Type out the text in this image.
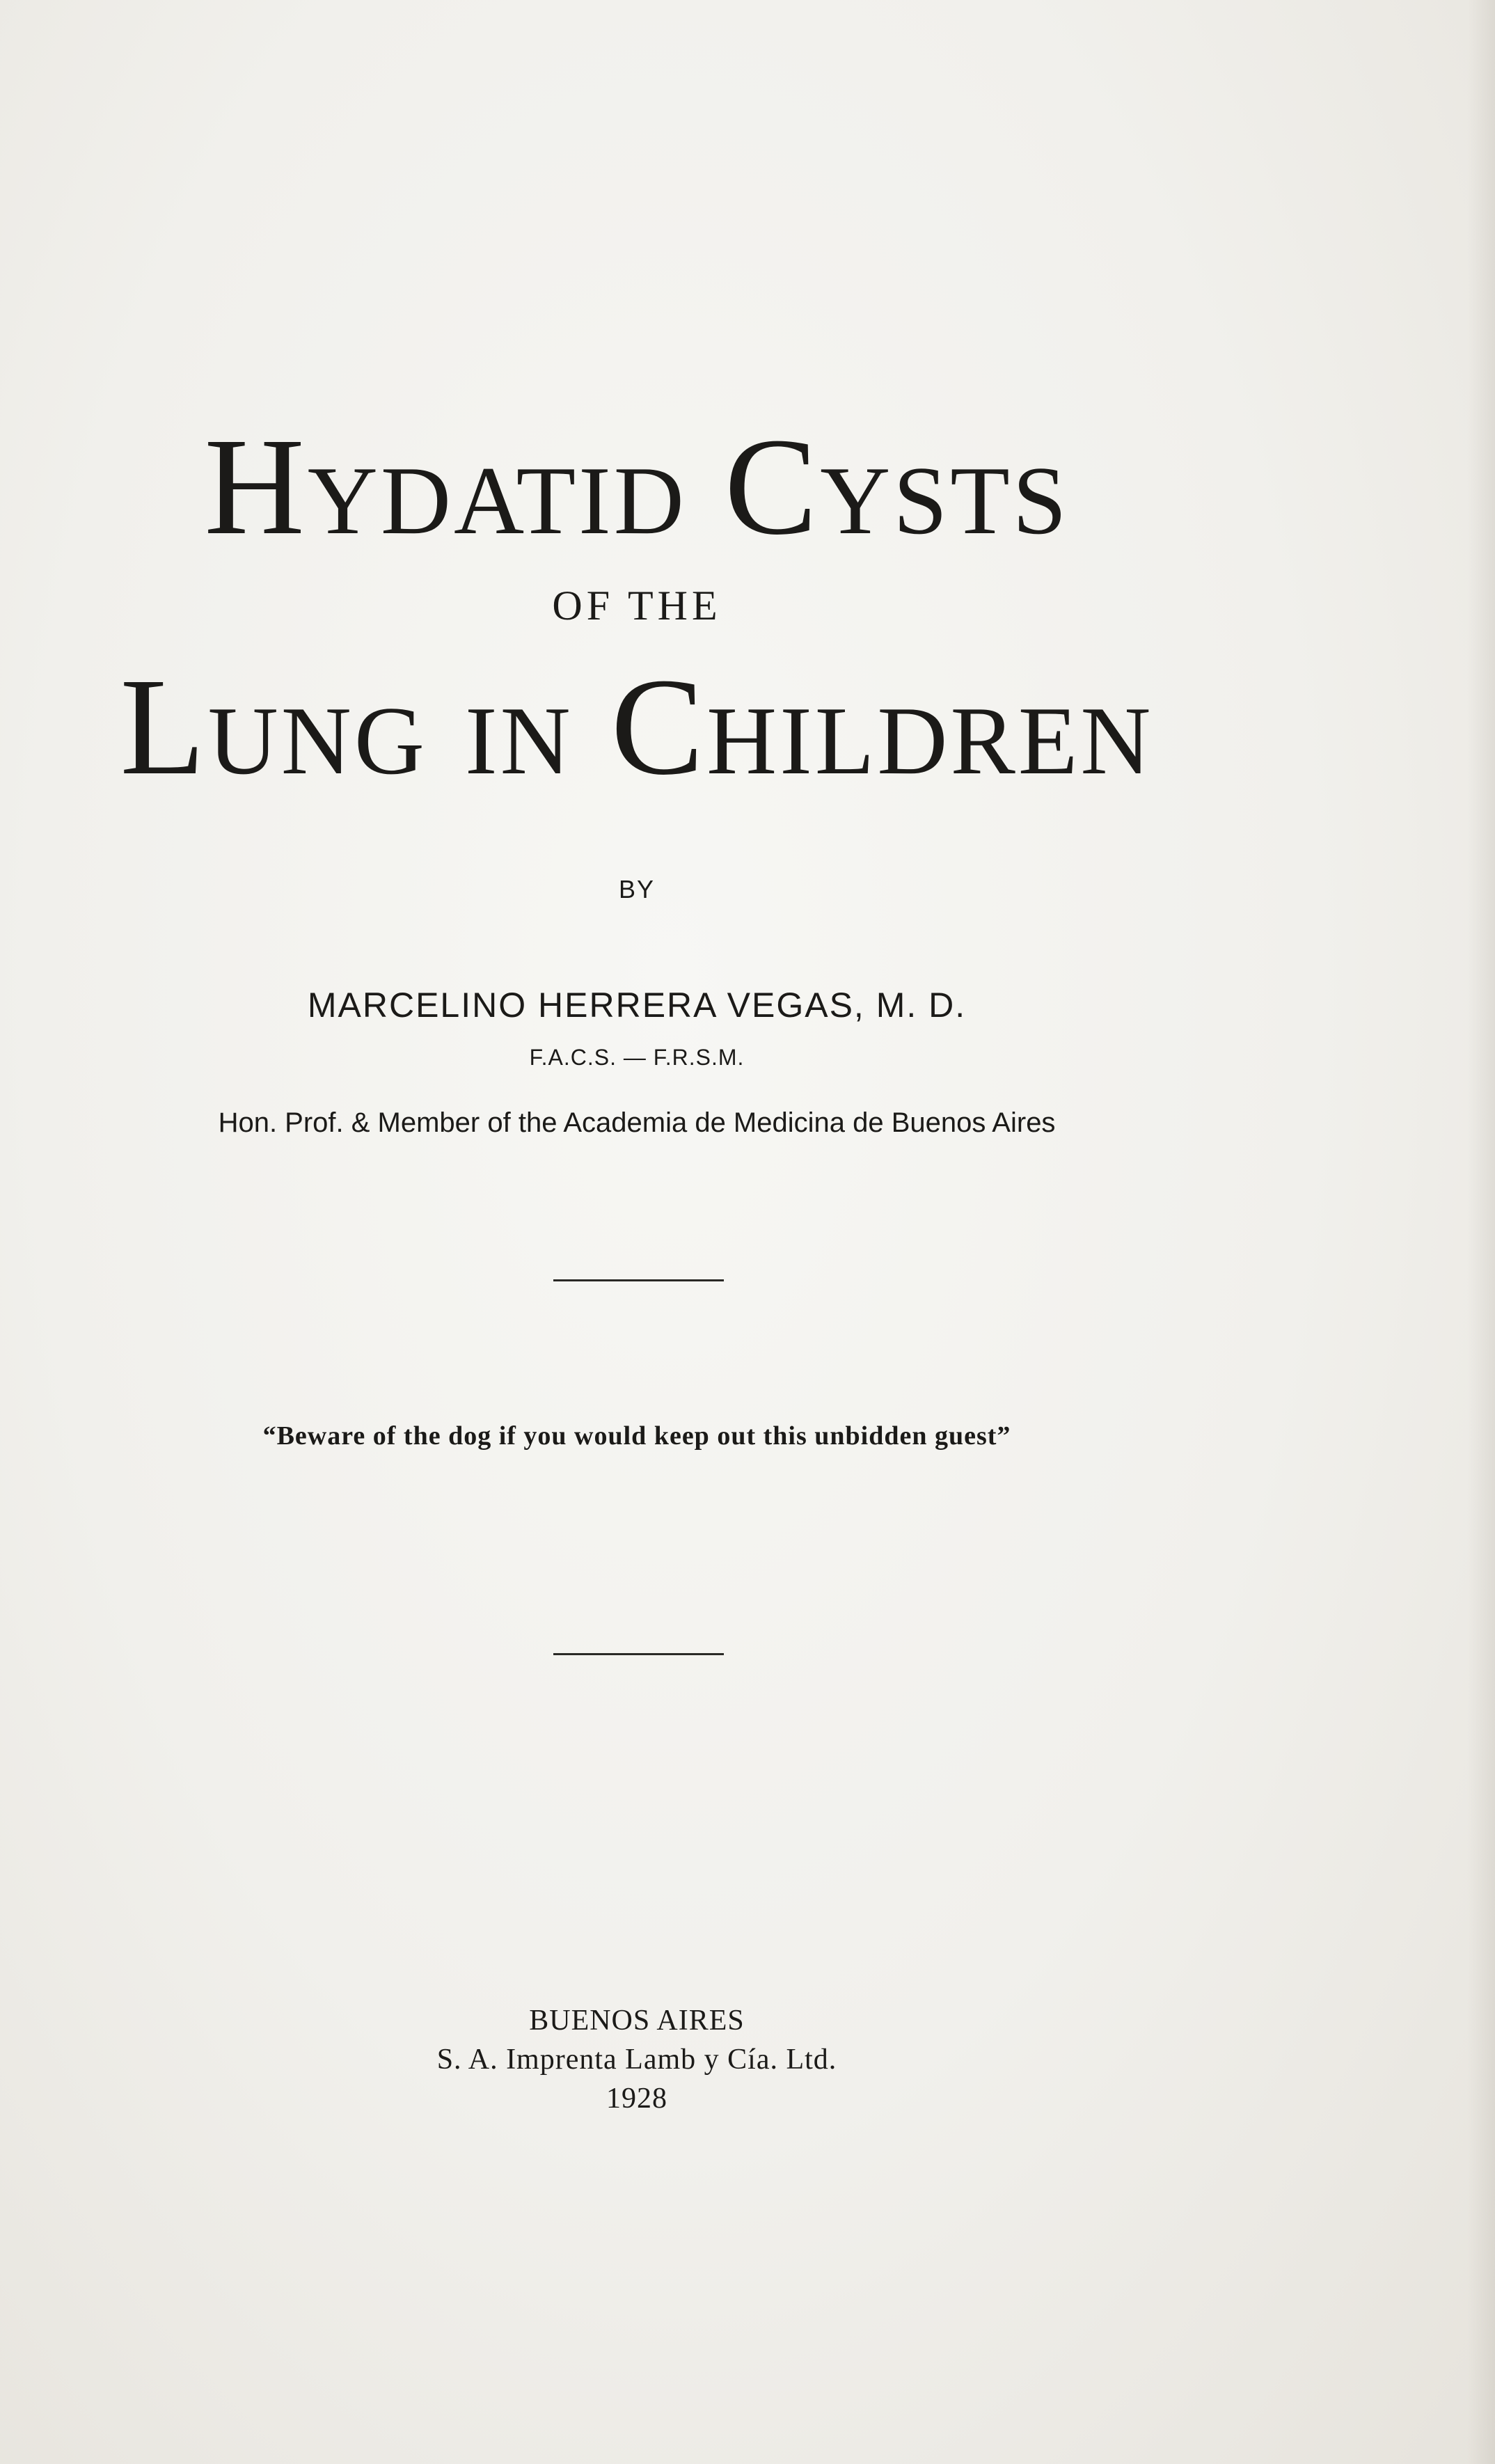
Hydatid Cysts
OF THE
Lung in Children
BY
MARCELINO HERRERA VEGAS, M. D.
F.A.C.S. — F.R.S.M.
Hon. Prof. & Member of the Academia de Medicina de Buenos Aires
“Beware of the dog if you would keep out this unbidden guest”
BUENOS AIRES
S. A. Imprenta Lamb y Cía. Ltd.
1928
